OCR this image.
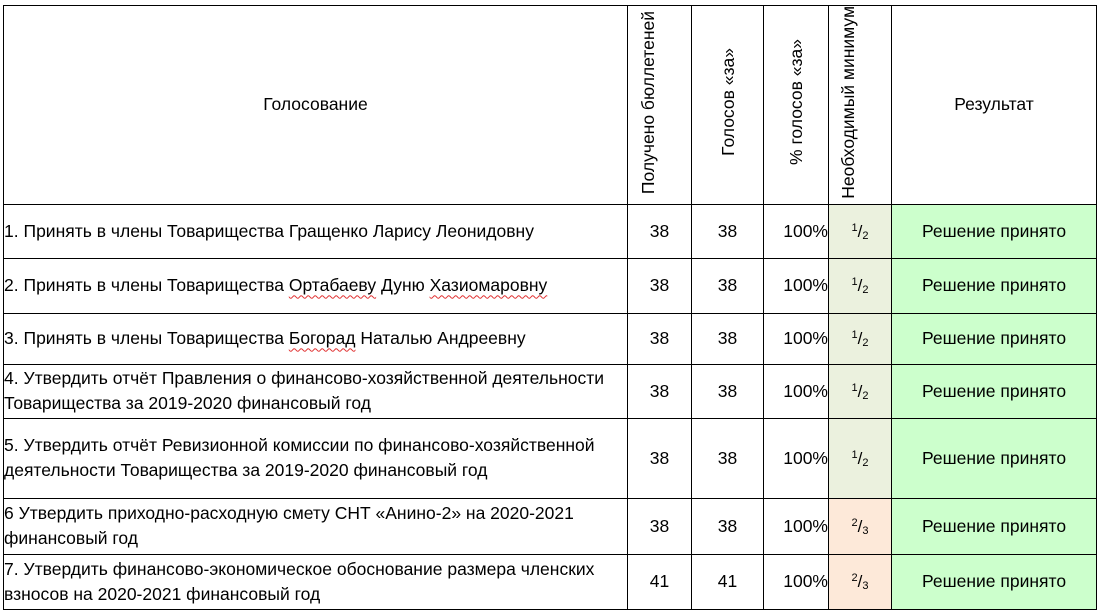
Голосование	Получено бюллетеней	Голосов «за»	% голосов «за»	Необходимый минимум	Результат
1. Принять в члены Товарищества Гращенко Ларису Леонидовну	38	38	100%	$^1/_2$	Решение принято
2. Принять в члены Товарищества Ортабаеву Дуню Хазиомаровну	38	38	100%	$^1/_2$	Решение принято
3. Принять в члены Товарищества Богорад Наталью Андреевну	38	38	100%	$^1/_2$	Решение принято
4. Утвердить отчёт Правления о финансово-хозяйственной деятельности Товарищества за 2019-2020 финансовый год	38	38	100%	$^1/_2$	Решение принято
5. Утвердить отчёт Ревизионной комиссии по финансово-хозяйственной деятельности Товарищества за 2019-2020 финансовый год	38	38	100%	$^1/_2$	Решение принято
6 Утвердить приходно-расходную смету СНТ «Анино-2» на 2020-2021 финансовый год	38	38	100%	$^2/_3$	Решение принято
7. Утвердить финансово-экономическое обоснование размера членских взносов на 2020-2021 финансовый год	41	41	100%	$^2/_3$	Решение принято
